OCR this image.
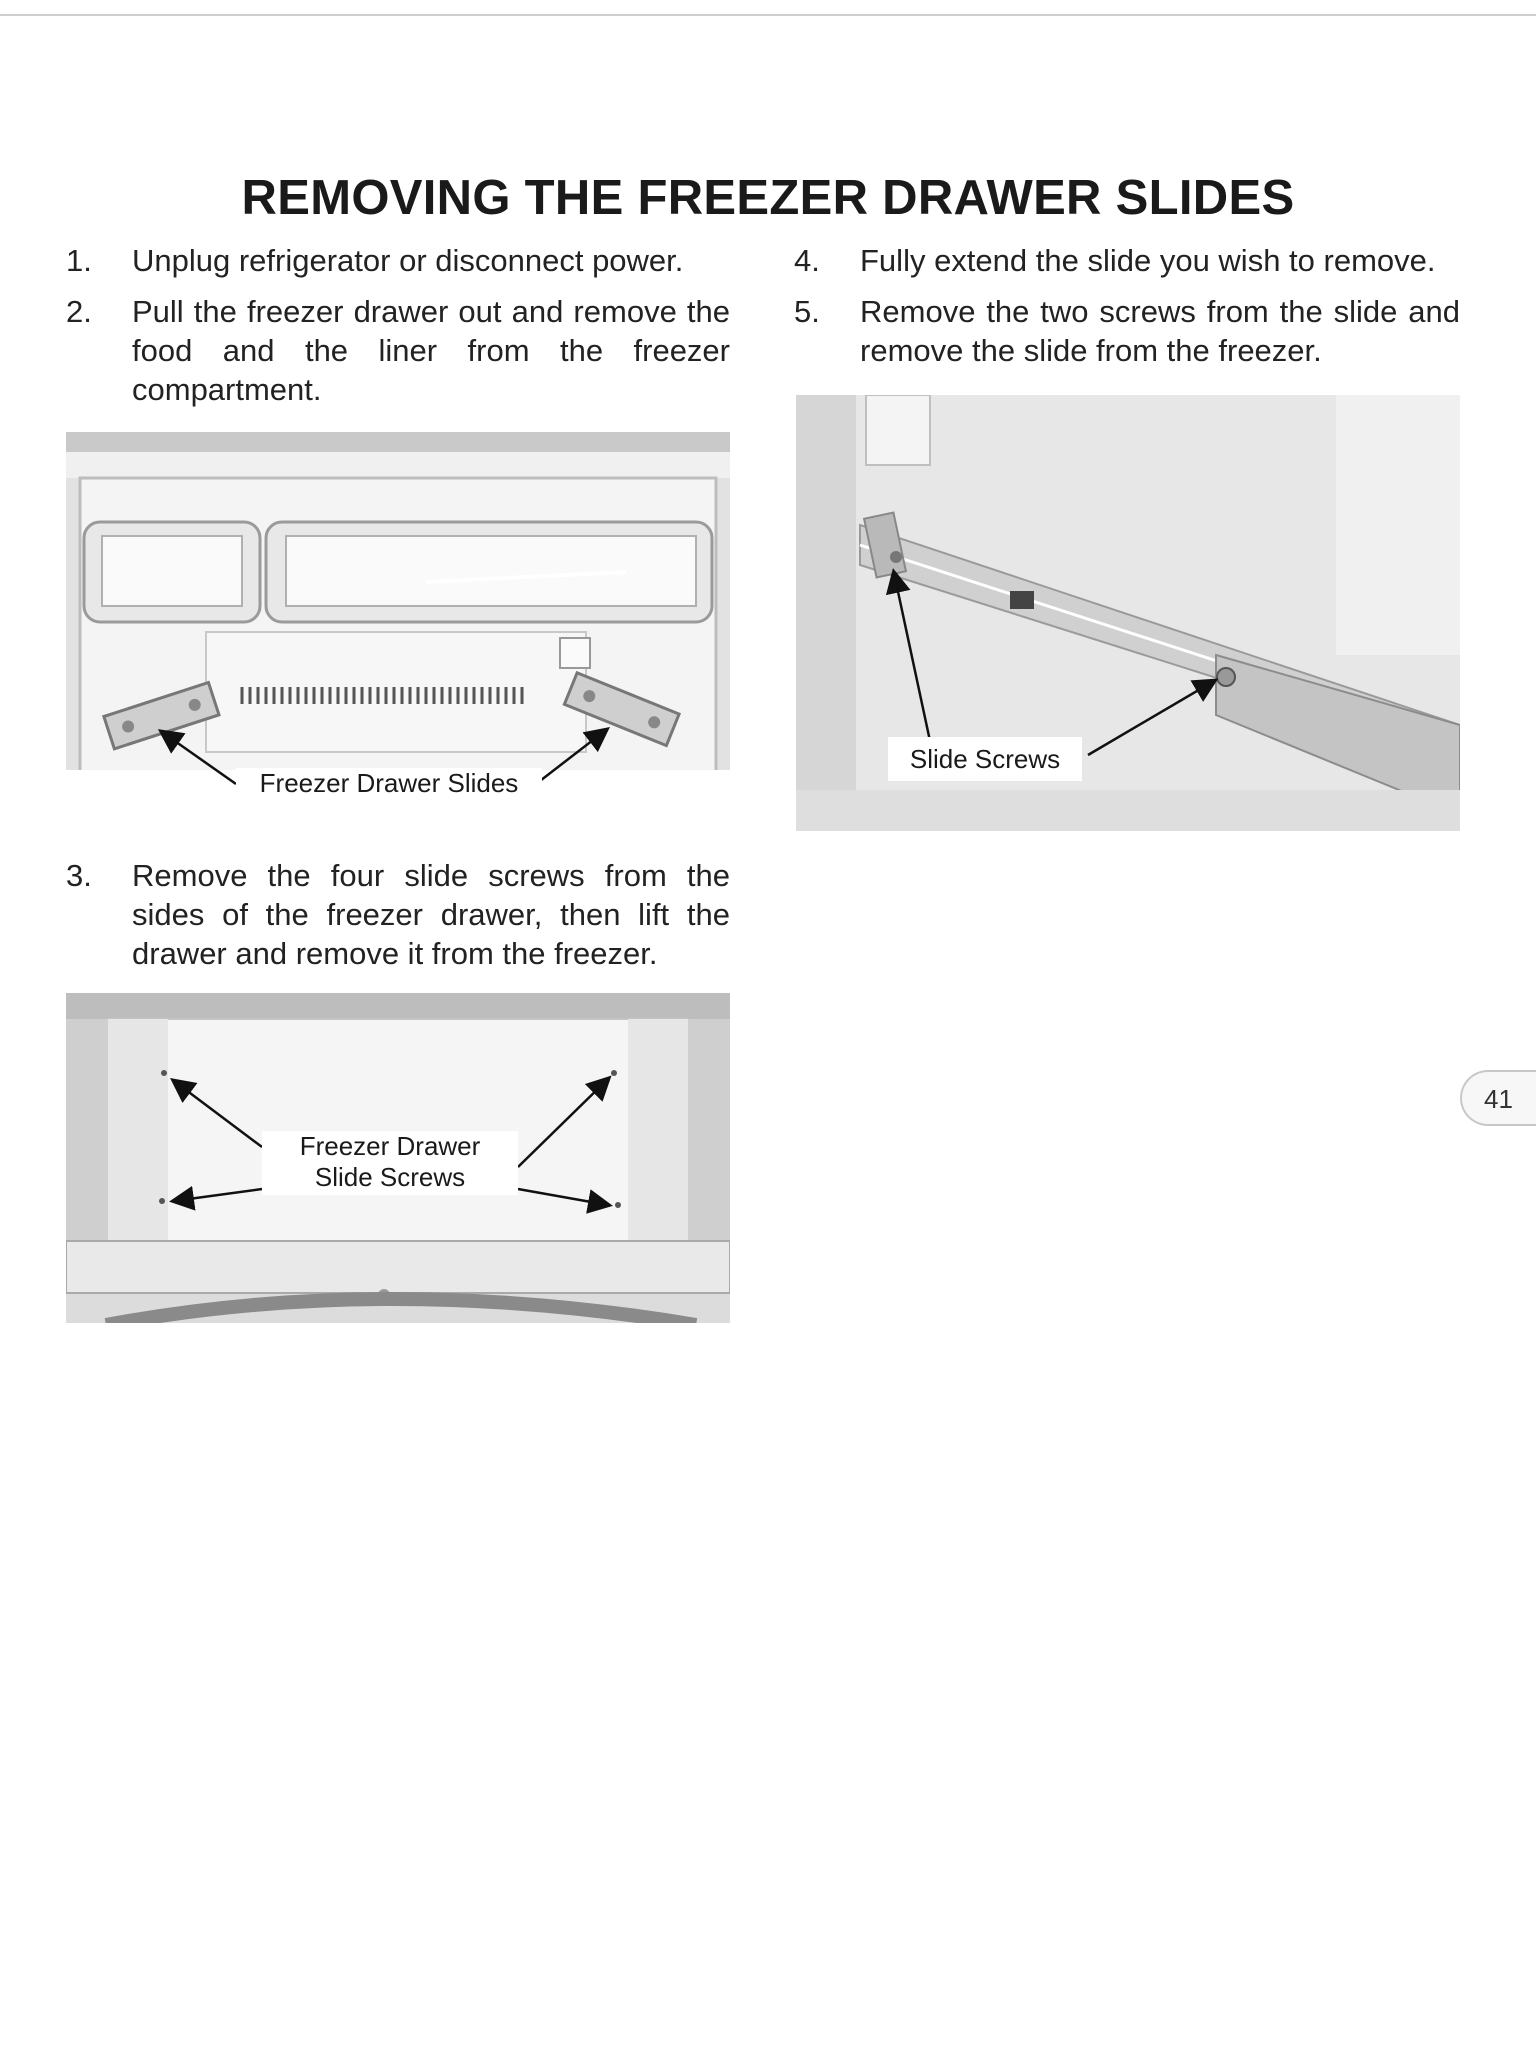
REMOVING THE FREEZER DRAWER SLIDES
1. Unplug refrigerator or disconnect power.
2. Pull the freezer drawer out and remove the food and the liner from the freezer compartment.
Freezer Drawer Slides
3. Remove the four slide screws from the sides of the freezer drawer, then lift the drawer and remove it from the freezer.
Freezer Drawer
Slide Screws
4. Fully extend the slide you wish to remove.
5. Remove the two screws from the slide and remove the slide from the freezer.
Slide Screws
41
